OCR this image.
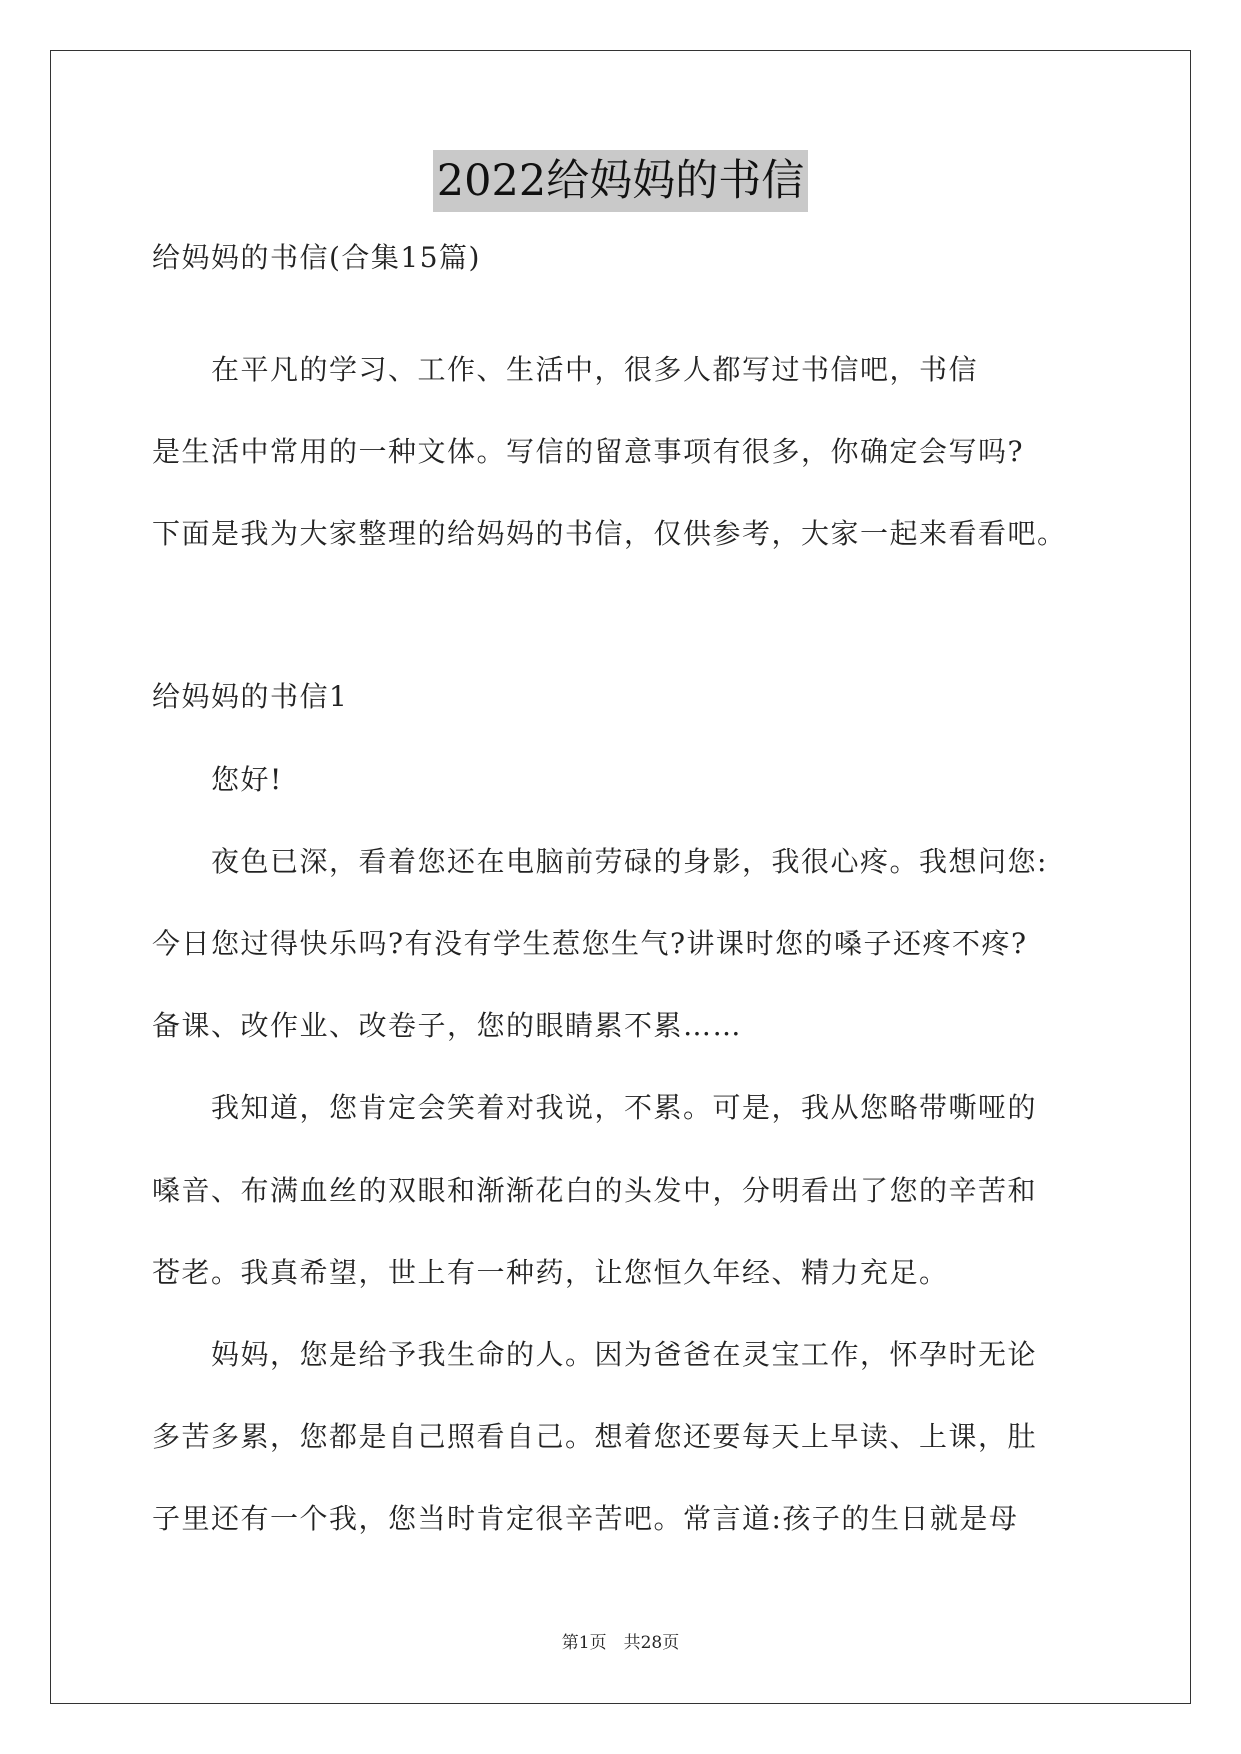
2022给妈妈的书信
给妈妈的书信(合集15篇)
　　在平凡的学习、工作、生活中，很多人都写过书信吧，书信
是生活中常用的一种文体。写信的留意事项有很多，你确定会写吗?
下面是我为大家整理的给妈妈的书信，仅供参考，大家一起来看看吧。
给妈妈的书信1
　　您好!
　　夜色已深，看着您还在电脑前劳碌的身影，我很心疼。我想问您:
今日您过得快乐吗?有没有学生惹您生气?讲课时您的嗓子还疼不疼?
备课、改作业、改卷子，您的眼睛累不累……
　　我知道，您肯定会笑着对我说，不累。可是，我从您略带嘶哑的
嗓音、布满血丝的双眼和渐渐花白的头发中，分明看出了您的辛苦和
苍老。我真希望，世上有一种药，让您恒久年经、精力充足。
　　妈妈，您是给予我生命的人。因为爸爸在灵宝工作，怀孕时无论
多苦多累，您都是自己照看自己。想着您还要每天上早读、上课，肚
子里还有一个我，您当时肯定很辛苦吧。常言道:孩子的生日就是母
第1页　共28页
